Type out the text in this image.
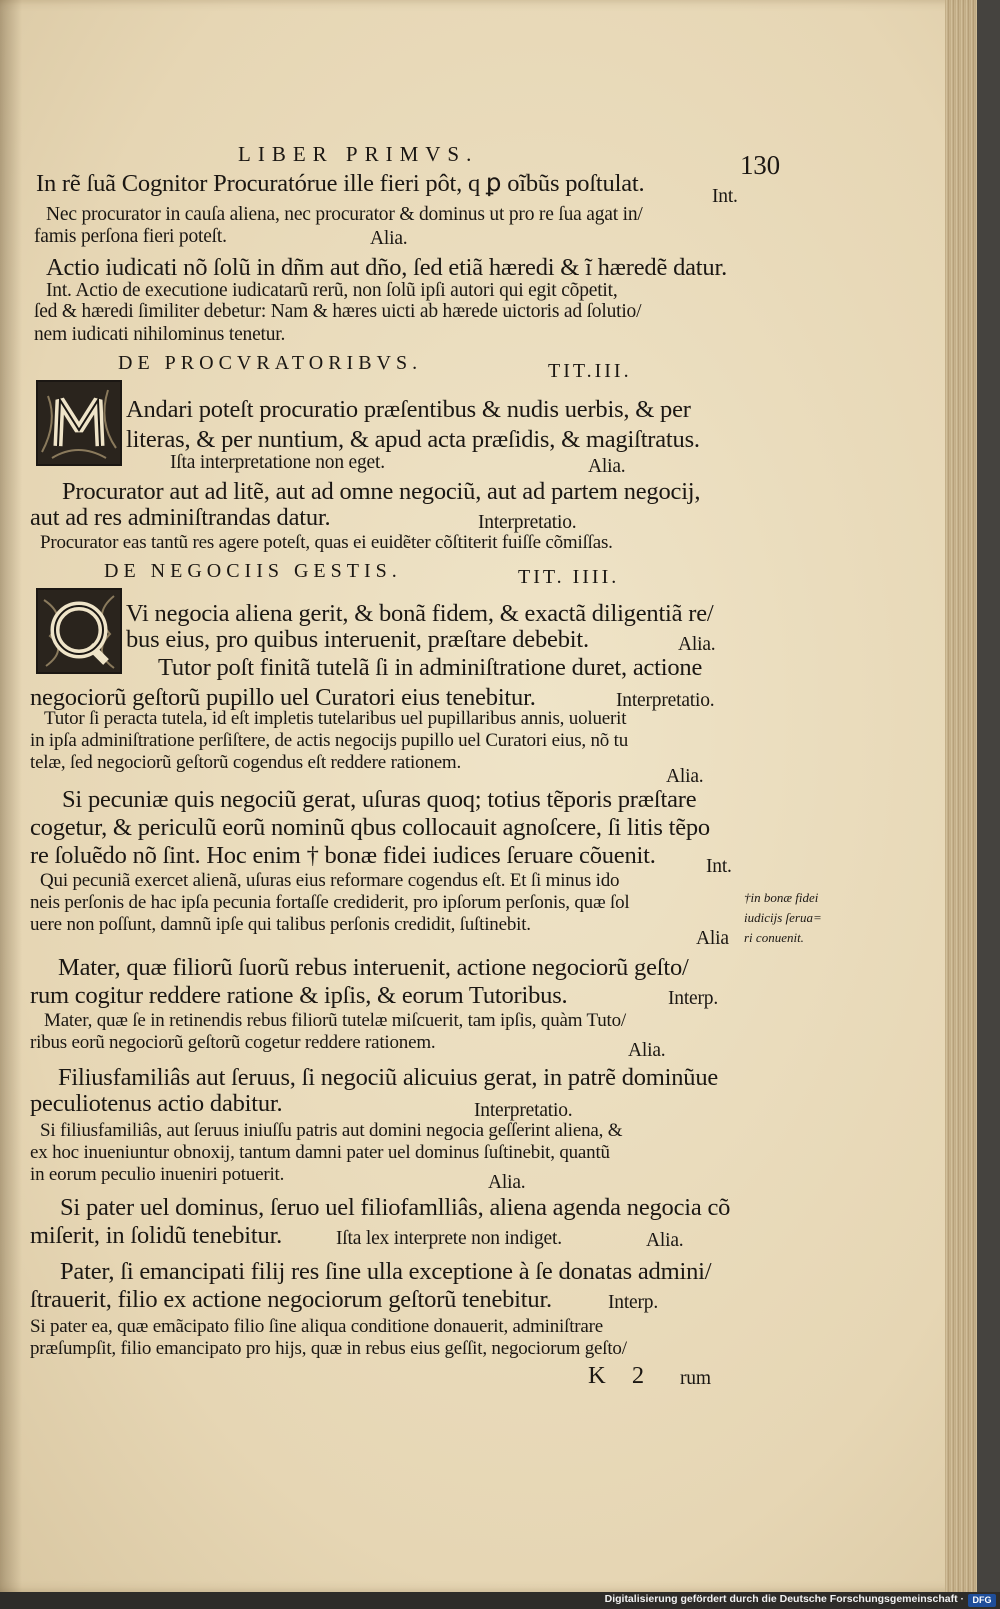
LIBER PRIMVS.	130
In rẽ ſuã Cognitor Procuratórue ille fieri pôt, q ꝑ oĩbũs poſtulat.	Int.
Nec procurator in cauſa aliena, nec procurator & dominus ut pro re ſua agat in/
famis perſona fieri poteſt.	Alia.
Actio iudicati nõ ſolũ in dñm aut dño, ſed etiã hæredi & ĩ hæredẽ datur.
Int. Actio de executione iudicatarũ rerũ, non ſolũ ipſi autori qui egit cõpetit,
ſed & hæredi ſimiliter debetur: Nam & hæres uicti ab hærede uictoris ad ſolutio/
nem iudicati nihilominus tenetur.
DE PROCVRATORIBVS.	TIT.III.
Andari poteſt procuratio præſentibus & nudis uerbis, & per
literas, & per nuntium, & apud acta præſidis, & magiſtratus.
Iſta interpretatione non eget.	Alia.
Procurator aut ad litẽ, aut ad omne negociũ, aut ad partem negocij,
aut ad res adminiſtrandas datur.	Interpretatio.
Procurator eas tantũ res agere poteſt, quas ei euidẽter cõſtiterit fuiſſe cõmiſſas.
DE NEGOCIIS GESTIS.	TIT. IIII.
Vi negocia aliena gerit, & bonã fidem, & exactã diligentiã re/
bus eius, pro quibus interuenit, præſtare debebit.	Alia.
Tutor poſt finitã tutelã ſi in adminiſtratione duret, actione
negociorũ geſtorũ pupillo uel Curatori eius tenebitur.	Interpretatio.
Tutor ſi peracta tutela, id eſt impletis tutelaribus uel pupillaribus annis, uoluerit
in ipſa adminiſtratione perſiſtere, de actis negocijs pupillo uel Curatori eius, nõ tu
telæ, ſed negociorũ geſtorũ cogendus eſt reddere rationem.
Alia.
Si pecuniæ quis negociũ gerat, uſuras quoq; totius tẽporis præſtare
cogetur, & periculũ eorũ nominũ qbus collocauit agnoſcere, ſi litis tẽpo
re ſoluẽdo nõ ſint. Hoc enim † bonæ fidei iudices ſeruare cõuenit.	Int.
Qui pecuniã exercet alienã, uſuras eius reformare cogendus eſt. Et ſi minus ido
neis perſonis de hac ipſa pecunia fortaſſe crediderit, pro ipſorum perſonis, quæ ſol
uere non poſſunt, damnũ ipſe qui talibus perſonis credidit, ſuſtinebit.
Alia
Mater, quæ filiorũ ſuorũ rebus interuenit, actione negociorũ geſto/
rum cogitur reddere ratione & ipſis, & eorum Tutoribus.	Interp.
Mater, quæ ſe in retinendis rebus filiorũ tutelæ miſcuerit, tam ipſis, quàm Tuto/
ribus eorũ negociorũ geſtorũ cogetur reddere rationem.	Alia.
Filiusfamiliâs aut ſeruus, ſi negociũ alicuius gerat, in patrẽ dominũue
peculiotenus actio dabitur.	Interpretatio.
Si filiusfamiliâs, aut ſeruus iniuſſu patris aut domini negocia geſſerint aliena, &
ex hoc inueniuntur obnoxij, tantum damni pater uel dominus ſuſtinebit, quantũ
in eorum peculio inueniri potuerit.	Alia.
Si pater uel dominus, ſeruo uel filiofamlliâs, aliena agenda negocia cõ
miſerit, in ſolidũ tenebitur.	Iſta lex interprete non indiget.	Alia.
Pater, ſi emancipati filij res ſine ulla exceptione à ſe donatas admini/
ſtrauerit, filio ex actione negociorum geſtorũ tenebitur.	Interp.
Si pater ea, quæ emãcipato filio ſine aliqua conditione donauerit, adminiſtrare
præſumpſit, filio emancipato pro hijs, quæ in rebus eius geſſit, negociorum geſto/
K 2 rum
†in bonæ fidei
iudicijs ſerua=
ri conuenit.
Digitalisierung gefördert durch die Deutsche Forschungsgemeinschaft · DFG
